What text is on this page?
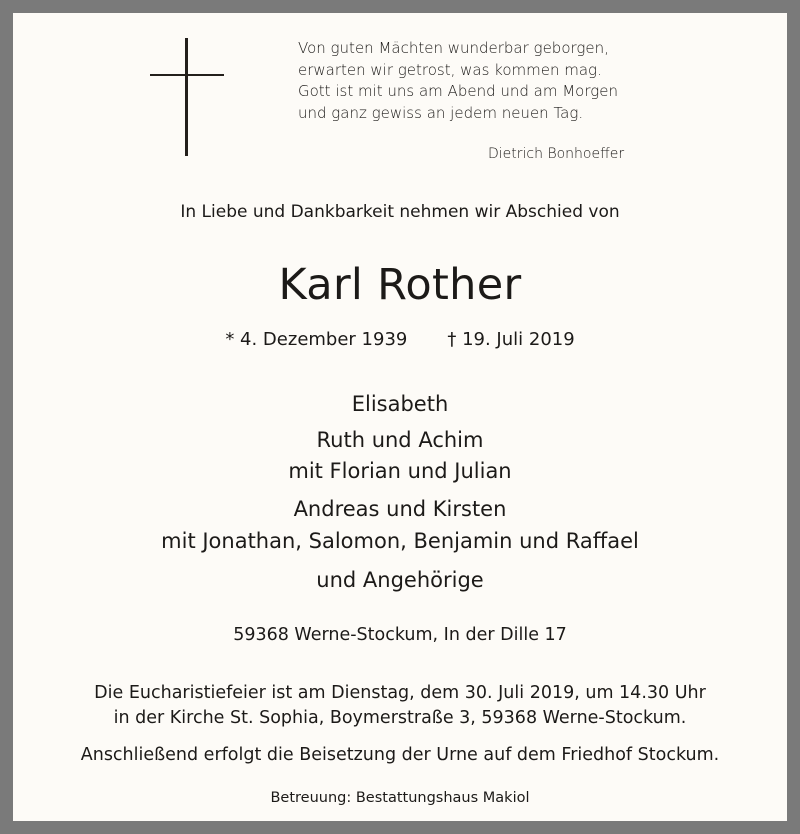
Von guten Mächten wunderbar geborgen,
erwarten wir getrost, was kommen mag.
Gott ist mit uns am Abend und am Morgen
und ganz gewiss an jedem neuen Tag.
Dietrich Bonhoeffer
In Liebe und Dankbarkeit nehmen wir Abschied von
Karl Rother
* 4. Dezember 1939 † 19. Juli 2019
Elisabeth
Ruth und Achim
mit Florian und Julian
Andreas und Kirsten
mit Jonathan, Salomon, Benjamin und Raffael
und Angehörige
59368 Werne-Stockum, In der Dille 17
Die Eucharistiefeier ist am Dienstag, dem 30. Juli 2019, um 14.30 Uhr
in der Kirche St. Sophia, Boymerstraße 3, 59368 Werne-Stockum.
Anschließend erfolgt die Beisetzung der Urne auf dem Friedhof Stockum.
Betreuung: Bestattungshaus Makiol
